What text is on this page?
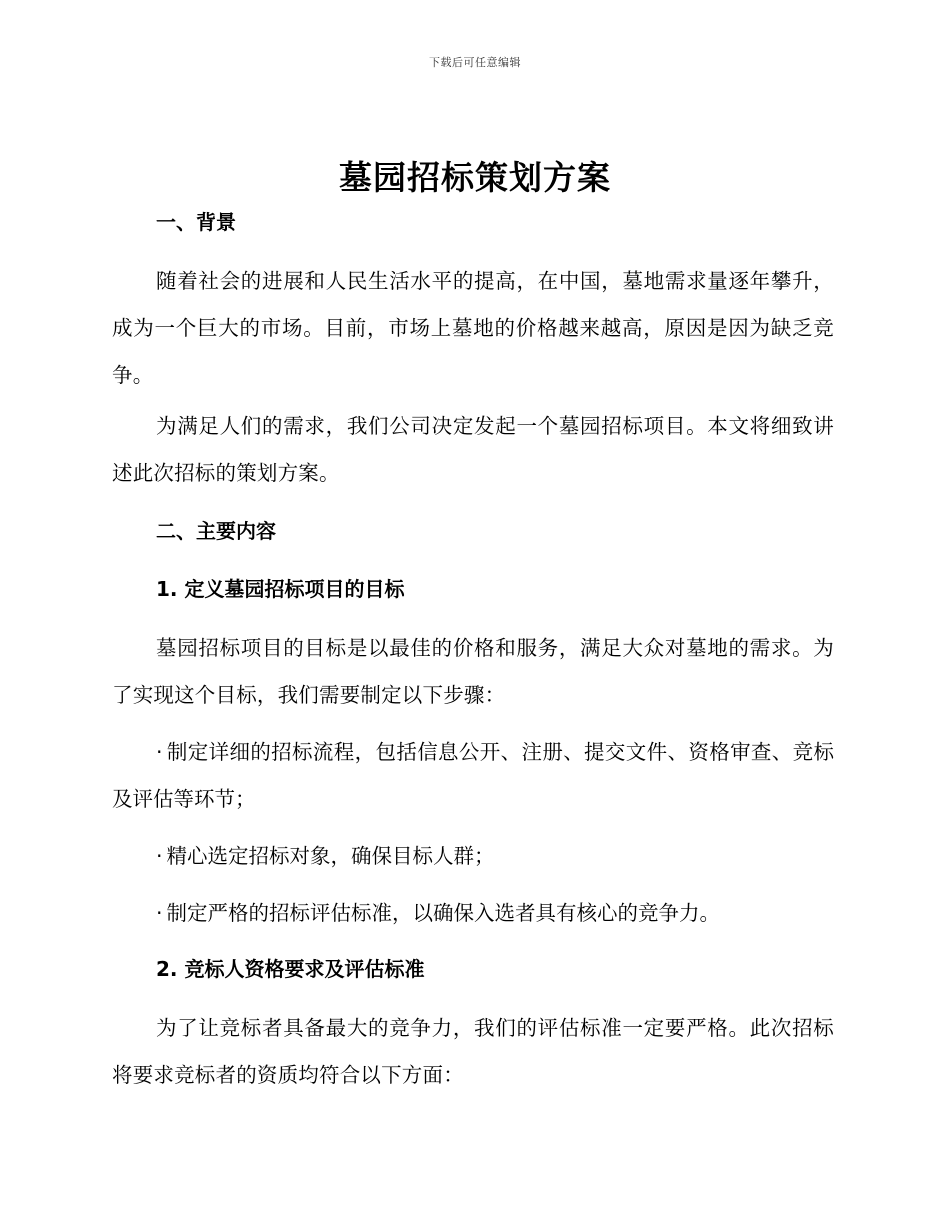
下载后可任意编辑
墓园招标策划方案
一、背景

随着社会的进展和人民生活水平的提高，在中国，墓地需求量逐年攀升，成为一个巨大的市场。目前，市场上墓地的价格越来越高，原因是因为缺乏竞争。

为满足人们的需求，我们公司决定发起一个墓园招标项目。本文将细致讲述此次招标的策划方案。

二、主要内容
1. 定义墓园招标项目的目标

墓园招标项目的目标是以最佳的价格和服务，满足大众对墓地的需求。为了实现这个目标，我们需要制定以下步骤：

· 制定详细的招标流程，包括信息公开、注册、提交文件、资格审查、竞标及评估等环节；

· 精心选定招标对象，确保目标人群；

· 制定严格的招标评估标准，以确保入选者具有核心的竞争力。

2. 竞标人资格要求及评估标准

为了让竞标者具备最大的竞争力，我们的评估标准一定要严格。此次招标将要求竞标者的资质均符合以下方面：
